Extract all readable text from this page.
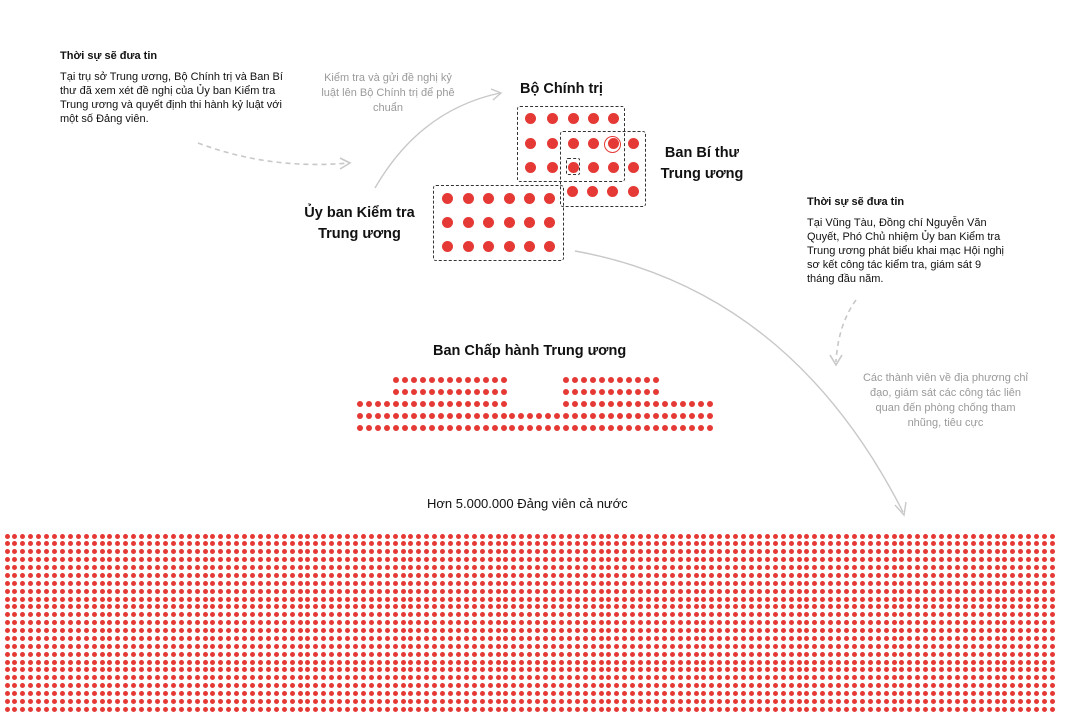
Thời sự sẽ đưa tin
Tại trụ sở Trung ương, Bộ Chính trị và Ban Bí thư đã xem xét đề nghị của Ủy ban Kiểm tra Trung ương và quyết định thi hành kỷ luật với một số Đảng viên.
Thời sự sẽ đưa tin
Tại Vũng Tàu, Đồng chí Nguyễn Văn Quyết, Phó Chủ nhiệm Ủy ban Kiểm tra Trung ương phát biểu khai mạc Hội nghị sơ kết công tác kiểm tra, giám sát 9 tháng đầu năm.
Kiểm tra và gửi đề nghị kỷ luật lên Bộ Chính trị để phê chuẩn
Các thành viên về địa phương chỉ đạo, giám sát các công tác liên quan đến phòng chống tham nhũng, tiêu cực
Bộ Chính trị
Ban Bí thư Trung ương
Ủy ban Kiểm tra Trung ương
Ban Chấp hành Trung ương
Hơn 5.000.000 Đảng viên cả nước
